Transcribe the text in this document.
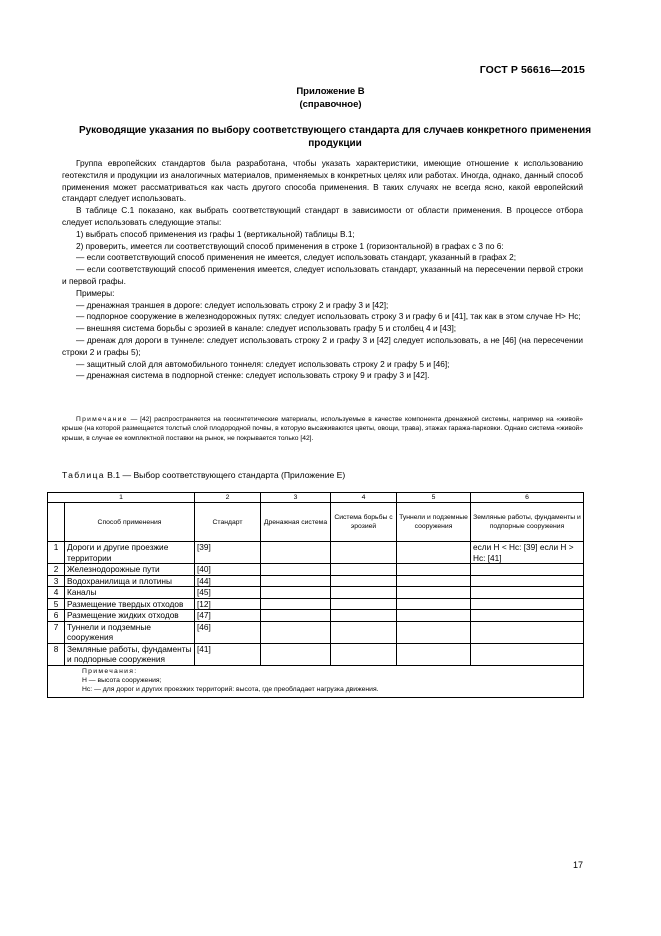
ГОСТ Р 56616—2015
Приложение В
(справочное)
Руководящие указания по выбору соответствующего стандарта для случаев конкретного применения продукции

Группа европейских стандартов была разработана, чтобы указать характеристики, имеющие отношение к использованию геотекстиля и продукции из аналогичных материалов, применяемых в конкретных целях или работах. Иногда, однако, данный способ применения может рассматриваться как часть другого способа применения. В таких случаях не всегда ясно, какой европейский стандарт следует использовать.

В таблице С.1 показано, как выбрать соответствующий стандарт в зависимости от области применения. В процессе отбора следует использовать следующие этапы:

1) выбрать способ применения из графы 1 (вертикальной) таблицы В.1;

2) проверить, имеется ли соответствующий способ применения в строке 1 (горизонтальной) в графах с 3 по 6:

— если соответствующий способ применения не имеется, следует использовать стандарт, указанный в графах 2;

— если соответствующий способ применения имеется, следует использовать стандарт, указанный на пересечении первой строки и первой графы.

Примеры:

— дренажная траншея в дороге: следует использовать строку 2 и графу 3 и [42];

— подпорное сооружение в железнодорожных путях: следует использовать строку 3 и графу 6 и [41], так как в этом случае Н> Нс;

— внешняя система борьбы с эрозией в канале: следует использовать графу 5 и столбец 4 и [43];

— дренаж для дороги в туннеле: следует использовать строку 2 и графу 3 и [42] следует использовать, а не [46] (на пересечении строки 2 и графы 5);

— защитный слой для автомобильного тоннеля: следует использовать строку 2 и графу 5 и [46];

— дренажная система в подпорной стенке: следует использовать строку 9 и графу 3 и [42].

Примечание — [42] распространяется на геосинтетические материалы, используемые в качестве компонента дренажной системы, например на «живой» крыше (на которой размещается толстый слой плодородной почвы, в которую высаживаются цветы, овощи, трава), этажах гаража-парковки. Однако система «живой» крыши, в случае ее комплектной поставки на рынок, не покрывается только [42].
Таблица В.1 — Выбор соответствующего стандарта (Приложение Е)
1		2	3	4	5	6
	Способ применения	Стандарт	Дренажная система	Система борьбы с эрозией	Туннели и подземные сооружения	Земляные работы, фундаменты и подпорные сооружения
1	Дороги и другие проезжие территории	[39]				если Н < Нс: [39] если Н > Нс: [41]
2	Железнодорожные пути	[40]				
3	Водохранилища и плотины	[44]				
4	Каналы	[45]				
5	Размещение твердых отходов	[12]				
6	Размещение жидких отходов	[47]				
7	Туннели и подземные сооружения	[46]				
8	Земляные работы, фундаменты и подпорные сооружения	[41]				

Примечания:
Н — высота сооружения;
Нс: — для дорог и других проезжих территорий: высота, где преобладает нагрузка движения.						
17
